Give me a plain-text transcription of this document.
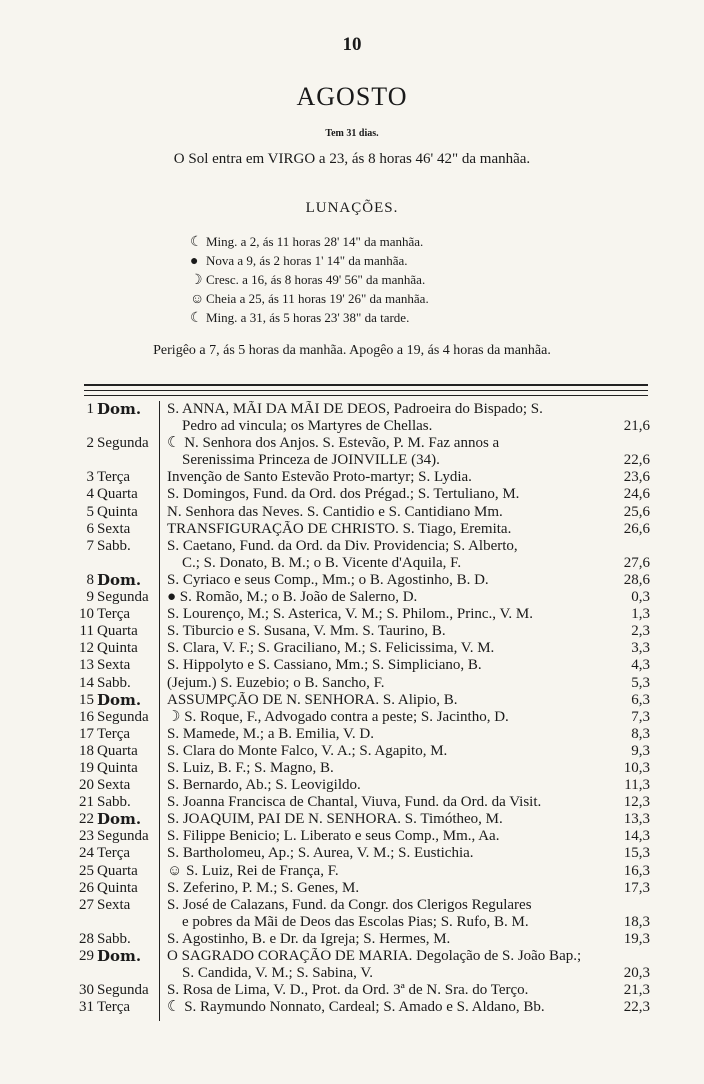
10
AGOSTO
Tem 31 dias.
O Sol entra em VIRGO a 23, ás 8 horas 46' 42" da manhãa.
LUNAÇÕES.
☾ Ming. a 2, ás 11 horas 28' 14" da manhãa.
● Nova a 9, ás 2 horas 1' 14" da manhãa.
☽ Cresc. a 16, ás 8 horas 49' 56" da manhãa.
☺ Cheia a 25, ás 11 horas 19' 26" da manhãa.
☾ Ming. a 31, ás 5 horas 23' 38" da tarde.
Perigêo a 7, ás 5 horas da manhãa. Apogêo a 19, ás 4 horas da manhãa.
1 Dom. S. ANNA, MÃI DA MÃI DE DEOS, Padroeira do Bispado; S.
Pedro ad vincula; os Martyres de Chellas.	21,6
2 Segunda ☾ N. Senhora dos Anjos. S. Estevão, P. M. Faz annos a
Serenissima Princeza de JOINVILLE (34).	22,6
3 Terça Invenção de Santo Estevão Proto-martyr; S. Lydia.	23,6
4 Quarta S. Domingos, Fund. da Ord. dos Prégad.; S. Tertuliano, M.	24,6
5 Quinta N. Senhora das Neves. S. Cantidio e S. Cantidiano Mm.	25,6
6 Sexta TRANSFIGURAÇÃO DE CHRISTO. S. Tiago, Eremita.	26,6
7 Sabb. S. Caetano, Fund. da Ord. da Div. Providencia; S. Alberto,
C.; S. Donato, B. M.; o B. Vicente d'Aquila, F.	27,6
8 Dom. S. Cyriaco e seus Comp., Mm.; o B. Agostinho, B. D.	28,6
9 Segunda ● S. Romão, M.; o B. João de Salerno, D.	0,3
10 Terça S. Lourenço, M.; S. Asterica, V. M.; S. Philom., Princ., V. M.	1,3
11 Quarta S. Tiburcio e S. Susana, V. Mm. S. Taurino, B.	2,3
12 Quinta S. Clara, V. F.; S. Graciliano, M.; S. Felicissima, V. M.	3,3
13 Sexta S. Hippolyto e S. Cassiano, Mm.; S. Simpliciano, B.	4,3
14 Sabb. (Jejum.) S. Euzebio; o B. Sancho, F.	5,3
15 Dom. ASSUMPÇÃO DE N. SENHORA. S. Alipio, B.	6,3
16 Segunda ☽ S. Roque, F., Advogado contra a peste; S. Jacintho, D.	7,3
17 Terça S. Mamede, M.; a B. Emilia, V. D.	8,3
18 Quarta S. Clara do Monte Falco, V. A.; S. Agapito, M.	9,3
19 Quinta S. Luiz, B. F.; S. Magno, B.	10,3
20 Sexta S. Bernardo, Ab.; S. Leovigildo.	11,3
21 Sabb. S. Joanna Francisca de Chantal, Viuva, Fund. da Ord. da Visit.	12,3
22 Dom. S. JOAQUIM, PAI DE N. SENHORA. S. Timótheo, M.	13,3
23 Segunda S. Filippe Benicio; L. Liberato e seus Comp., Mm., Aa.	14,3
24 Terça S. Bartholomeu, Ap.; S. Aurea, V. M.; S. Eustichia.	15,3
25 Quarta ☺ S. Luiz, Rei de França, F.	16,3
26 Quinta S. Zeferino, P. M.; S. Genes, M.	17,3
27 Sexta S. José de Calazans, Fund. da Congr. dos Clerigos Regulares
e pobres da Mãi de Deos das Escolas Pias; S. Rufo, B. M.	18,3
28 Sabb. S. Agostinho, B. e Dr. da Igreja; S. Hermes, M.	19,3
29 Dom. O SAGRADO CORAÇÃO DE MARIA. Degolação de S. João Bap.;
S. Candida, V. M.; S. Sabina, V.	20,3
30 Segunda S. Rosa de Lima, V. D., Prot. da Ord. 3ª de N. Sra. do Terço.	21,3
31 Terça ☾ S. Raymundo Nonnato, Cardeal; S. Amado e S. Aldano, Bb.	22,3
